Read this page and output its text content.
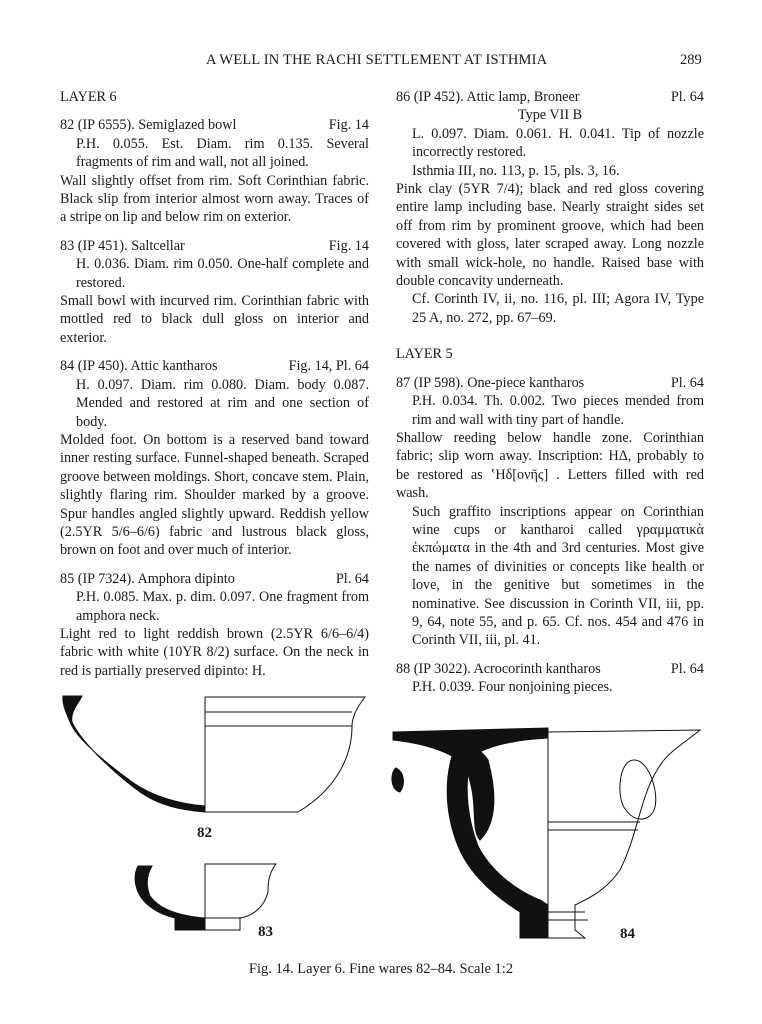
A WELL IN THE RACHI SETTLEMENT AT ISTHMIA	289

LAYER 6

82 (IP 6555). Semiglazed bowl	Fig. 14

P.H. 0.055. Est. Diam. rim 0.135. Several fragments of rim and wall, not all joined.

Wall slightly offset from rim. Soft Corinthian fabric. Black slip from interior almost worn away. Traces of a stripe on lip and below rim on exterior.

83 (IP 451). Saltcellar	Fig. 14

H. 0.036. Diam. rim 0.050. One-half complete and restored.

Small bowl with incurved rim. Corinthian fabric with mottled red to black dull gloss on interior and exterior.

84 (IP 450). Attic kantharos	Fig. 14, Pl. 64

H. 0.097. Diam. rim 0.080. Diam. body 0.087. Mended and restored at rim and one section of body.

Molded foot. On bottom is a reserved band toward inner resting surface. Funnel-shaped beneath. Scraped groove between moldings. Short, concave stem. Plain, slightly flaring rim. Shoulder marked by a groove. Spur handles angled slightly upward. Reddish yellow (2.5YR 5/6–6/6) fabric and lustrous black gloss, brown on foot and over much of interior.

85 (IP 7324). Amphora dipinto	Pl. 64

P.H. 0.085. Max. p. dim. 0.097. One fragment from amphora neck.

Light red to light reddish brown (2.5YR 6/6–6/4) fabric with white (10YR 8/2) surface. On the neck in red is partially preserved dipinto: H.

86 (IP 452). Attic lamp, Broneer	Pl. 64

Type VII B

L. 0.097. Diam. 0.061. H. 0.041. Tip of nozzle incorrectly restored.

Isthmia III, no. 113, p. 15, pls. 3, 16.

Pink clay (5YR 7/4); black and red gloss covering entire lamp including base. Nearly straight sides set off from rim by prominent groove, which had been covered with gloss, later scraped away. Long nozzle with small wick-hole, no handle. Raised base with double concavity underneath.

Cf. Corinth IV, ii, no. 116, pl. III; Agora IV, Type 25 A, no. 272, pp. 67–69.

LAYER 5

87 (IP 598). One-piece kantharos	Pl. 64

P.H. 0.034. Th. 0.002. Two pieces mended from rim and wall with tiny part of handle.

Shallow reeding below handle zone. Corinthian fabric; slip worn away. Inscription: HΔ, probably to be restored as ʽΗδ[ονῆς] . Letters filled with red wash.

Such graffito inscriptions appear on Corinthian wine cups or kantharoi called γραμματικὰ ἐκπώματα in the 4th and 3rd centuries. Most give the names of divinities or concepts like health or love, in the genitive but sometimes in the nominative. See discussion in Corinth VII, iii, pp. 9, 64, note 55, and p. 65. Cf. nos. 454 and 476 in Corinth VII, iii, pl. 41.

88 (IP 3022). Acrocorinth kantharos	Pl. 64

P.H. 0.039. Four nonjoining pieces.

82
83	84
Fig. 14. Layer 6. Fine wares 82–84. Scale 1:2
